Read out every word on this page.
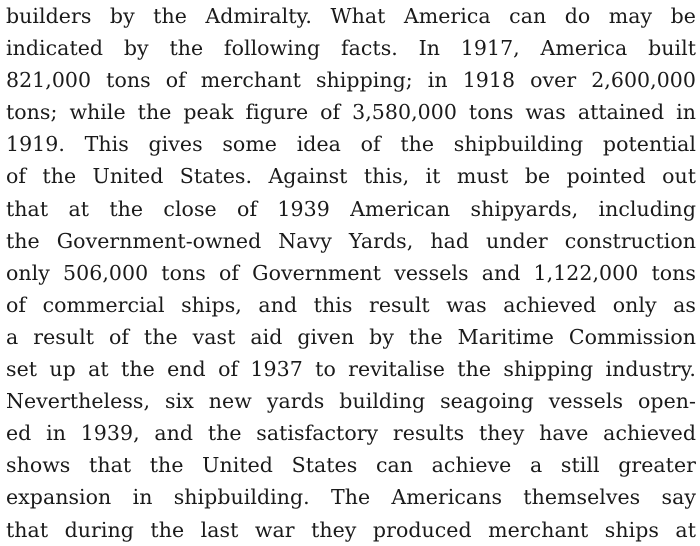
builders by the Admiralty. What America can do may be
indicated by the following facts. In 1917, America built
821,000 tons of merchant shipping; in 1918 over 2,600,000
tons; while the peak figure of 3,580,000 tons was attained in
1919. This gives some idea of the shipbuilding potential
of the United States. Against this, it must be pointed out
that at the close of 1939 American shipyards, including
the Government-owned Navy Yards, had under construction
only 506,000 tons of Government vessels and 1,122,000 tons
of commercial ships, and this result was achieved only as
a result of the vast aid given by the Maritime Commission
set up at the end of 1937 to revitalise the shipping industry.
Nevertheless, six new yards building seagoing vessels open-
ed in 1939, and the satisfactory results they have achieved
shows that the United States can achieve a still greater
expansion in shipbuilding. The Americans themselves say
that during the last war they produced merchant ships at
